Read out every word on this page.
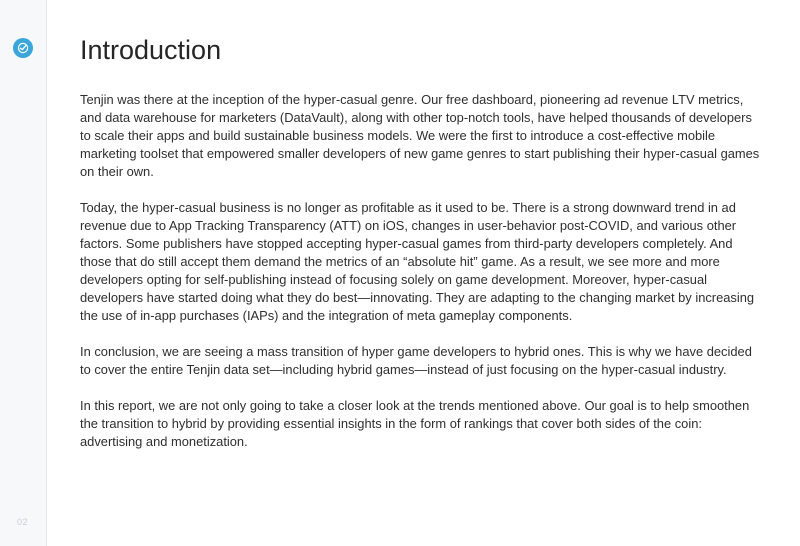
02
Introduction

Tenjin was there at the inception of the hyper-casual genre. Our free dashboard, pioneering ad revenue LTV metrics, and data warehouse for marketers (DataVault), along with other top-notch tools, have helped thousands of developers to scale their apps and build sustainable business models. We were the first to introduce a cost-effective mobile marketing toolset that empowered smaller developers of new game genres to start publishing their hyper-casual games on their own.

Today, the hyper-casual business is no longer as profitable as it used to be. There is a strong downward trend in ad revenue due to App Tracking Transparency (ATT) on iOS, changes in user-behavior post-COVID, and various other factors. Some publishers have stopped accepting hyper-casual games from third-party developers completely. And those that do still accept them demand the metrics of an “absolute hit” game. As a result, we see more and more developers opting for self-publishing instead of focusing solely on game development. Moreover, hyper-casual developers have started doing what they do best—innovating. They are adapting to the changing market by increasing the use of in-app purchases (IAPs) and the integration of meta gameplay components.

In conclusion, we are seeing a mass transition of hyper game developers to hybrid ones. This is why we have decided to cover the entire Tenjin data set—including hybrid games—instead of just focusing on the hyper-casual industry.

In this report, we are not only going to take a closer look at the trends mentioned above. Our goal is to help smoothen the transition to hybrid by providing essential insights in the form of rankings that cover both sides of the coin: advertising and monetization.
